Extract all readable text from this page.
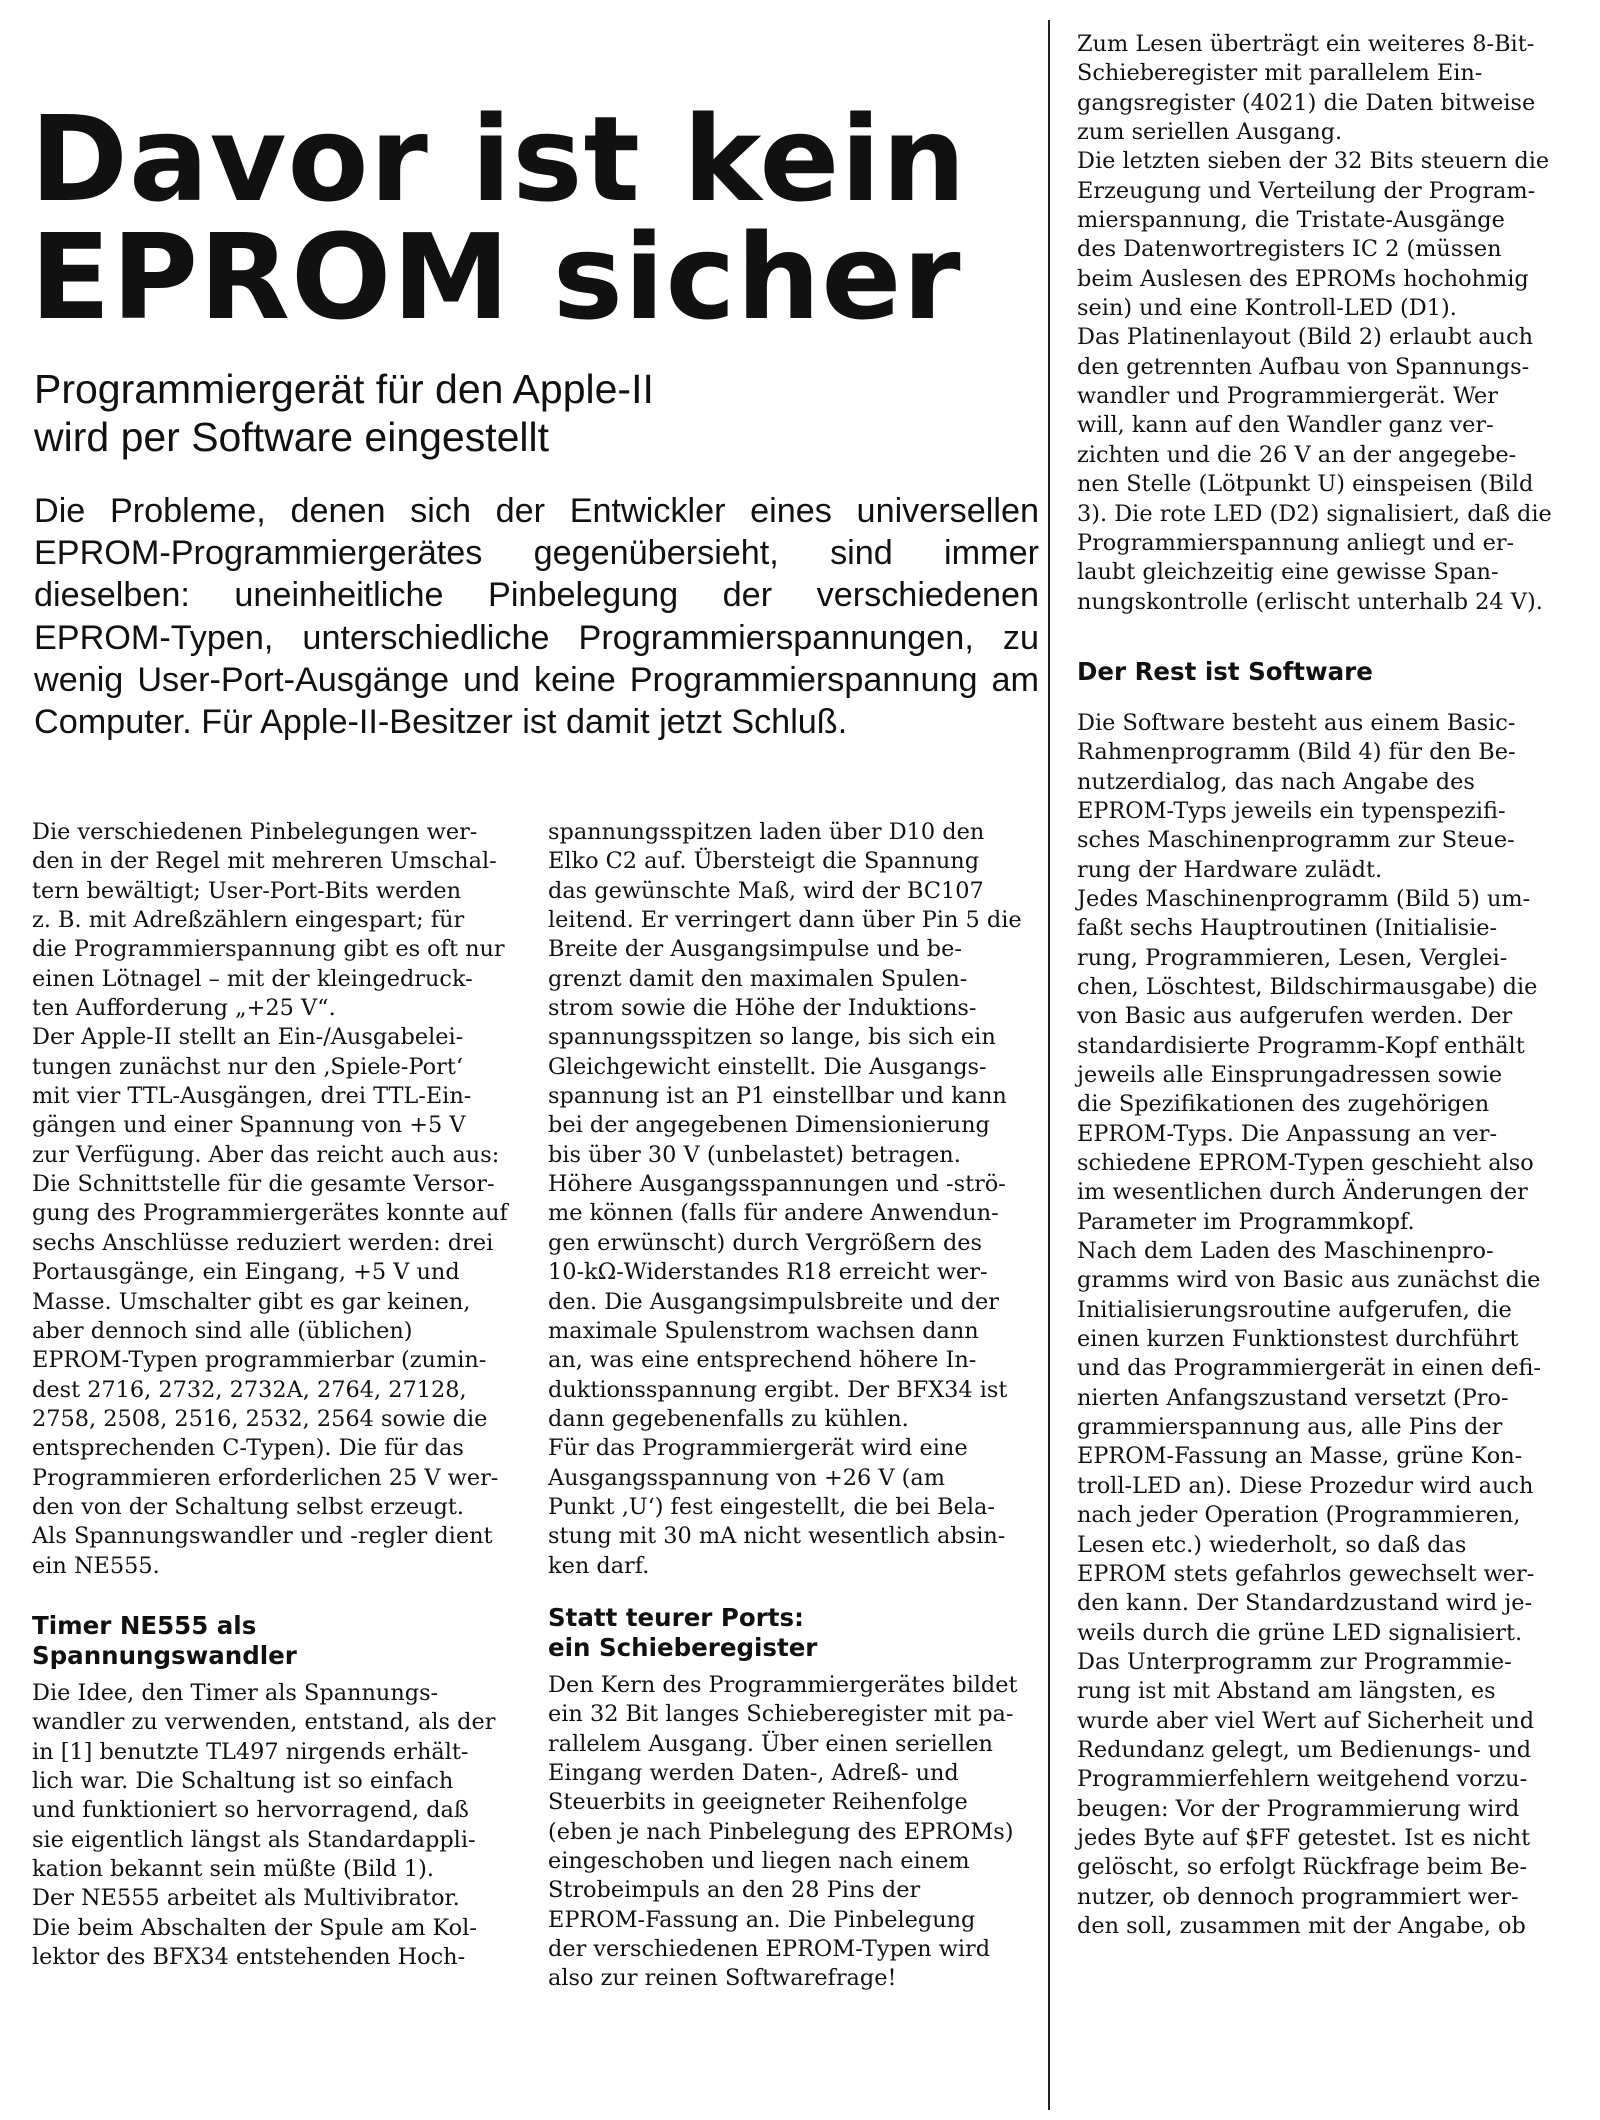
Davor ist kein
EPROM sicher
Programmiergerät für den Apple-II
wird per Software eingestellt

Die Probleme, denen sich der Entwickler eines universellen EPROM-Programmiergerätes gegenübersieht, sind immer dieselben: uneinheitliche Pinbelegung der verschiedenen EPROM-Typen, unterschiedliche Programmierspannungen, zu wenig User-Port-Ausgänge und keine Programmierspannung am Computer. Für Apple-II-Besitzer ist damit jetzt Schluß.

Die verschiedenen Pinbelegungen wer-
den in der Regel mit mehreren Umschal-
tern bewältigt; User-Port-Bits werden
z. B. mit Adreßzählern eingespart; für
die Programmierspannung gibt es oft nur
einen Lötnagel – mit der kleingedruck-
ten Aufforderung „+25 V“.
Der Apple-II stellt an Ein-/Ausgabelei-
tungen zunächst nur den ‚Spiele-Port‘
mit vier TTL-Ausgängen, drei TTL-Ein-
gängen und einer Spannung von +5 V
zur Verfügung. Aber das reicht auch aus:
Die Schnittstelle für die gesamte Versor-
gung des Programmiergerätes konnte auf
sechs Anschlüsse reduziert werden: drei
Portausgänge, ein Eingang, +5 V und
Masse. Umschalter gibt es gar keinen,
aber dennoch sind alle (üblichen)
EPROM-Typen programmierbar (zumin-
dest 2716, 2732, 2732A, 2764, 27128,
2758, 2508, 2516, 2532, 2564 sowie die
entsprechenden C-Typen). Die für das
Programmieren erforderlichen 25 V wer-
den von der Schaltung selbst erzeugt.
Als Spannungswandler und -regler dient
ein NE555.
Timer NE555 als
Spannungswandler
Die Idee, den Timer als Spannungs-
wandler zu verwenden, entstand, als der
in [1] benutzte TL497 nirgends erhält-
lich war. Die Schaltung ist so einfach
und funktioniert so hervorragend, daß
sie eigentlich längst als Standardappli-
kation bekannt sein müßte (Bild 1).
Der NE555 arbeitet als Multivibrator.
Die beim Abschalten der Spule am Kol-
lektor des BFX34 entstehenden Hoch-
spannungsspitzen laden über D10 den
Elko C2 auf. Übersteigt die Spannung
das gewünschte Maß, wird der BC107
leitend. Er verringert dann über Pin 5 die
Breite der Ausgangsimpulse und be-
grenzt damit den maximalen Spulen-
strom sowie die Höhe der Induktions-
spannungsspitzen so lange, bis sich ein
Gleichgewicht einstellt. Die Ausgangs-
spannung ist an P1 einstellbar und kann
bei der angegebenen Dimensionierung
bis über 30 V (unbelastet) betragen.
Höhere Ausgangsspannungen und -strö-
me können (falls für andere Anwendun-
gen erwünscht) durch Vergrößern des
10-kΩ-Widerstandes R18 erreicht wer-
den. Die Ausgangsimpulsbreite und der
maximale Spulenstrom wachsen dann
an, was eine entsprechend höhere In-
duktionsspannung ergibt. Der BFX34 ist
dann gegebenenfalls zu kühlen.
Für das Programmiergerät wird eine
Ausgangsspannung von +26 V (am
Punkt ‚U‘) fest eingestellt, die bei Bela-
stung mit 30 mA nicht wesentlich absin-
ken darf.
Statt teurer Ports:
ein Schieberegister
Den Kern des Programmiergerätes bildet
ein 32 Bit langes Schieberegister mit pa-
rallelem Ausgang. Über einen seriellen
Eingang werden Daten-, Adreß- und
Steuerbits in geeigneter Reihenfolge
(eben je nach Pinbelegung des EPROMs)
eingeschoben und liegen nach einem
Strobeimpuls an den 28 Pins der
EPROM-Fassung an. Die Pinbelegung
der verschiedenen EPROM-Typen wird
also zur reinen Softwarefrage!
Zum Lesen überträgt ein weiteres 8-Bit-
Schieberegister mit parallelem Ein-
gangsregister (4021) die Daten bitweise
zum seriellen Ausgang.
Die letzten sieben der 32 Bits steuern die
Erzeugung und Verteilung der Program-
mierspannung, die Tristate-Ausgänge
des Datenwortregisters IC 2 (müssen
beim Auslesen des EPROMs hochohmig
sein) und eine Kontroll-LED (D1).
Das Platinenlayout (Bild 2) erlaubt auch
den getrennten Aufbau von Spannungs-
wandler und Programmiergerät. Wer
will, kann auf den Wandler ganz ver-
zichten und die 26 V an der angegebe-
nen Stelle (Lötpunkt U) einspeisen (Bild
3). Die rote LED (D2) signalisiert, daß die
Programmierspannung anliegt und er-
laubt gleichzeitig eine gewisse Span-
nungskontrolle (erlischt unterhalb 24 V).
Der Rest ist Software
Die Software besteht aus einem Basic-
Rahmenprogramm (Bild 4) für den Be-
nutzerdialog, das nach Angabe des
EPROM-Typs jeweils ein typenspezifi-
sches Maschinenprogramm zur Steue-
rung der Hardware zulädt.
Jedes Maschinenprogramm (Bild 5) um-
faßt sechs Hauptroutinen (Initialisie-
rung, Programmieren, Lesen, Verglei-
chen, Löschtest, Bildschirmausgabe) die
von Basic aus aufgerufen werden. Der
standardisierte Programm-Kopf enthält
jeweils alle Einsprungadressen sowie
die Spezifikationen des zugehörigen
EPROM-Typs. Die Anpassung an ver-
schiedene EPROM-Typen geschieht also
im wesentlichen durch Änderungen der
Parameter im Programmkopf.
Nach dem Laden des Maschinenpro-
gramms wird von Basic aus zunächst die
Initialisierungsroutine aufgerufen, die
einen kurzen Funktionstest durchführt
und das Programmiergerät in einen defi-
nierten Anfangszustand versetzt (Pro-
grammierspannung aus, alle Pins der
EPROM-Fassung an Masse, grüne Kon-
troll-LED an). Diese Prozedur wird auch
nach jeder Operation (Programmieren,
Lesen etc.) wiederholt, so daß das
EPROM stets gefahrlos gewechselt wer-
den kann. Der Standardzustand wird je-
weils durch die grüne LED signalisiert.
Das Unterprogramm zur Programmie-
rung ist mit Abstand am längsten, es
wurde aber viel Wert auf Sicherheit und
Redundanz gelegt, um Bedienungs- und
Programmierfehlern weitgehend vorzu-
beugen: Vor der Programmierung wird
jedes Byte auf $FF getestet. Ist es nicht
gelöscht, so erfolgt Rückfrage beim Be-
nutzer, ob dennoch programmiert wer-
den soll, zusammen mit der Angabe, ob
